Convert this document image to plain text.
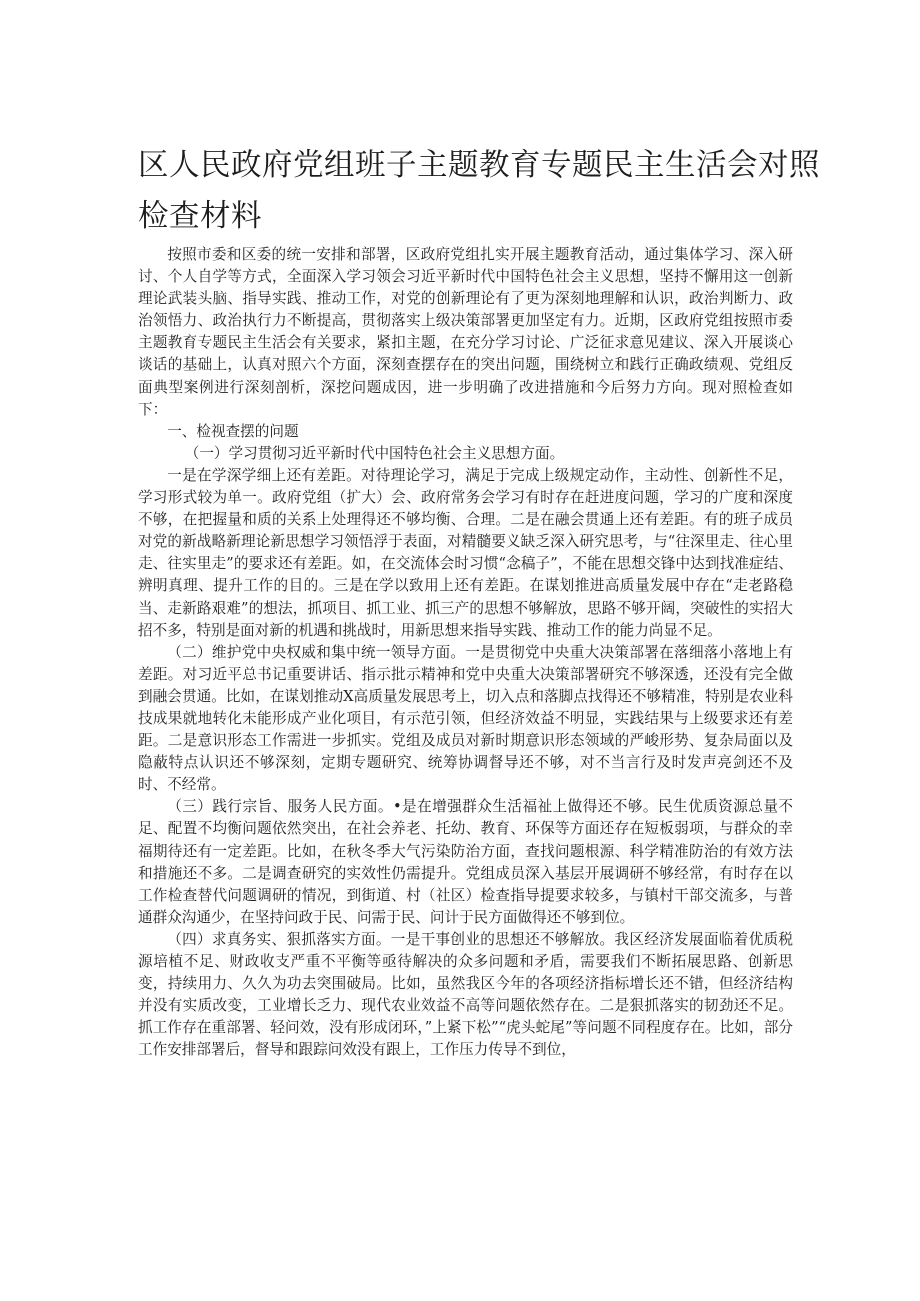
区人民政府党组班子主题教育专题民主生活会对照
检查材料

按照市委和区委的统一安排和部署，区政府党组扎实开展主题教育活动，通过集体学习、深入研讨、个人自学等方式，全面深入学习领会习近平新时代中国特色社会主义思想，坚持不懈用这一创新理论武装头脑、指导实践、推动工作，对党的创新理论有了更为深刻地理解和认识，政治判断力、政治领悟力、政治执行力不断提高，贯彻落实上级决策部署更加坚定有力。近期，区政府党组按照市委主题教育专题民主生活会有关要求，紧扣主题，在充分学习讨论、广泛征求意见建议、深入开展谈心谈话的基础上，认真对照六个方面，深刻查摆存在的突出问题，围绕树立和践行正确政绩观、党组反面典型案例进行深刻剖析，深挖问题成因，进一步明确了改进措施和今后努力方向。现对照检查如下：

一、检视查摆的问题

（一）学习贯彻习近平新时代中国特色社会主义思想方面。

一是在学深学细上还有差距。对待理论学习，满足于完成上级规定动作，主动性、创新性不足，学习形式较为单一。政府党组（扩大）会、政府常务会学习有时存在赶进度问题，学习的广度和深度不够，在把握量和质的关系上处理得还不够均衡、合理。二是在融会贯通上还有差距。有的班子成员对党的新战略新理论新思想学习领悟浮于表面，对精髓要义缺乏深入研究思考，与“往深里走、往心里走、往实里走”的要求还有差距。如，在交流体会时习惯“念稿子”，不能在思想交锋中达到找准症结、辨明真理、提升工作的目的。三是在学以致用上还有差距。在谋划推进高质量发展中存在“走老路稳当、走新路艰难”的想法，抓项目、抓工业、抓三产的思想不够解放，思路不够开阔，突破性的实招大招不多，特别是面对新的机遇和挑战时，用新思想来指导实践、推动工作的能力尚显不足。

（二）维护党中央权威和集中统一领导方面。一是贯彻党中央重大决策部署在落细落小落地上有差距。对习近平总书记重要讲话、指示批示精神和党中央重大决策部署研究不够深透，还没有完全做到融会贯通。比如，在谋划推动X高质量发展思考上，切入点和落脚点找得还不够精准，特别是农业科技成果就地转化未能形成产业化项目，有示范引领，但经济效益不明显，实践结果与上级要求还有差距。二是意识形态工作需进一步抓实。党组及成员对新时期意识形态领域的严峻形势、复杂局面以及隐蔽特点认识还不够深刻，定期专题研究、统筹协调督导还不够，对不当言行及时发声亮剑还不及时、不经常。

（三）践行宗旨、服务人民方面。•是在增强群众生活福祉上做得还不够。民生优质资源总量不足、配置不均衡问题依然突出，在社会养老、托幼、教育、环保等方面还存在短板弱项，与群众的幸福期待还有一定差距。比如，在秋冬季大气污染防治方面，查找问题根源、科学精准防治的有效方法和措施还不多。二是调查研究的实效性仍需提升。党组成员深入基层开展调研不够经常，有时存在以工作检查替代问题调研的情况，到街道、村（社区）检查指导提要求较多，与镇村干部交流多，与普通群众沟通少，在坚持问政于民、问需于民、问计于民方面做得还不够到位。

（四）求真务实、狠抓落实方面。一是干事创业的思想还不够解放。我区经济发展面临着优质税源培植不足、财政收支严重不平衡等亟待解决的众多问题和矛盾，需要我们不断拓展思路、创新思变，持续用力、久久为功去突围破局。比如，虽然我区今年的各项经济指标增长还不错，但经济结构并没有实质改变，工业增长乏力、现代农业效益不高等问题依然存在。二是狠抓落实的韧劲还不足。抓工作存在重部署、轻问效，没有形成闭环，”上紧下松”“虎头蛇尾”等问题不同程度存在。比如，部分工作安排部署后，督导和跟踪问效没有跟上，工作压力传导不到位，
